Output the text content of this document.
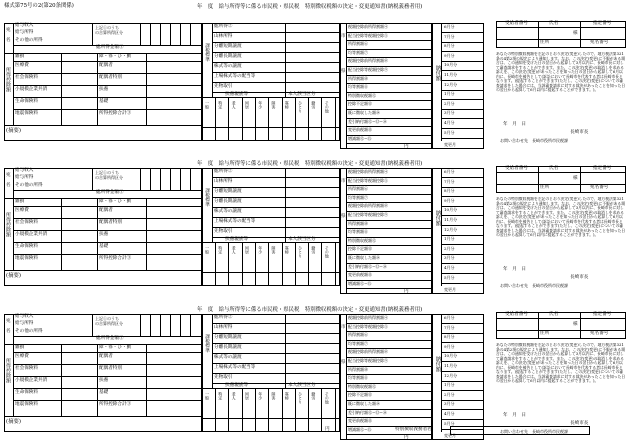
様式第75号の2(第20条関係)
円	特別徴収義務者名
年　度　給与所得等に係る市民税・県民税　特別徴収税額の決定・変更通知書(納税義務者用)
宛
名
給与収入
給与所得
その他の所得
総所得金額①
上記①のうち
の合算所得区分
所得控除額
雑損	障・寡・ひ・勤
医療費	配偶者
社会保険料	配偶者特別
小規模企業共済	扶養
生命保険料	基礎
地震保険料	所得控除合計③
(摘要)
課税標準
総所得②
山林所得
分離短期譲渡
分離長期譲渡
株式等の譲渡
上場株式等の配当等
先物取引
扶養親族等	本人該当区分
一般 特定 老人 同居 年少 障害 寡婦 ひとり 勤労 その他
市
県
税額控除前所得割額④
配当控除等税額控除⑤
所得割額⑥
均等割額⑦
税額控除前所得割額⑧
配当控除等税額控除⑨
所得割額⑩
均等割額⑪
特別徴収税額⑫
控除不足額⑬
既に徴収した額⑭
差引納付額⑫−⑬−⑭
変更前税額⑮
増減額⑫−⑮
円
納付額
6月分
7月分
8月分
9月分
10月分
11月分
12月分
1月分
2月分
3月分
4月分
5月分
変更月
受給者番号	氏名	指定番号
様
住所	宛名番号
あなたの特別徴収税額を左記のとおり決定(変更)したので、地方税法第321条の4第2項の規定により通知します。なお、この決定(変更)に不服がある場合は、この通知を受けた日の翌日から起算して3月以内に、長崎市長に対して審査請求をすることができます。また、この決定(変更)の取消しを求める訴えを、この決定(変更)があったことを知った日の翌日から起算して6月以内に、長崎市を被告として(訴訟において長崎市を代表する者は長崎市長となります。)提起することができます(ただし、この決定(変更)についての審査請求をした場合には、当該審査請求に対する裁決があったことを知った日の翌日から起算して6月以内に提起することができます。)。
年　月　日
長崎市長
お問い合わせ先　長崎市役所市民税課
年　度　給与所得等に係る市民税・県民税　特別徴収税額の決定・変更通知書(納税義務者用)
宛
名
給与収入
給与所得
その他の所得
総所得金額①
上記①のうち
の合算所得区分
所得控除額
雑損	障・寡・ひ・勤
医療費	配偶者
社会保険料	配偶者特別
小規模企業共済	扶養
生命保険料	基礎
地震保険料	所得控除合計③
(摘要)
課税標準
総所得②
山林所得
分離短期譲渡
分離長期譲渡
株式等の譲渡
上場株式等の配当等
先物取引
扶養親族等	本人該当区分
一般 特定 老人 同居 年少 障害 寡婦 ひとり 勤労 その他
市
県
税額控除前所得割額④
配当控除等税額控除⑤
所得割額⑥
均等割額⑦
税額控除前所得割額⑧
配当控除等税額控除⑨
所得割額⑩
均等割額⑪
特別徴収税額⑫
控除不足額⑬
既に徴収した額⑭
差引納付額⑫−⑬−⑭
変更前税額⑮
増減額⑫−⑮
円
納付額
6月分
7月分
8月分
9月分
10月分
11月分
12月分
1月分
2月分
3月分
4月分
5月分
変更月
受給者番号	氏名	指定番号
様
住所	宛名番号
あなたの特別徴収税額を左記のとおり決定(変更)したので、地方税法第321条の4第2項の規定により通知します。なお、この決定(変更)に不服がある場合は、この通知を受けた日の翌日から起算して3月以内に、長崎市長に対して審査請求をすることができます。また、この決定(変更)の取消しを求める訴えを、この決定(変更)があったことを知った日の翌日から起算して6月以内に、長崎市を被告として(訴訟において長崎市を代表する者は長崎市長となります。)提起することができます(ただし、この決定(変更)についての審査請求をした場合には、当該審査請求に対する裁決があったことを知った日の翌日から起算して6月以内に提起することができます。)。
年　月　日
長崎市長
お問い合わせ先　長崎市役所市民税課
年　度　給与所得等に係る市民税・県民税　特別徴収税額の決定・変更通知書(納税義務者用)
宛
名
給与収入
給与所得
その他の所得
総所得金額①
上記①のうち
の合算所得区分
所得控除額
雑損	障・寡・ひ・勤
医療費	配偶者
社会保険料	配偶者特別
小規模企業共済	扶養
生命保険料	基礎
地震保険料	所得控除合計③
(摘要)
課税標準
総所得②
山林所得
分離短期譲渡
分離長期譲渡
株式等の譲渡
上場株式等の配当等
先物取引
扶養親族等	本人該当区分
一般 特定 老人 同居 年少 障害 寡婦 ひとり 勤労 その他
市
県
税額控除前所得割額④
配当控除等税額控除⑤
所得割額⑥
均等割額⑦
税額控除前所得割額⑧
配当控除等税額控除⑨
所得割額⑩
均等割額⑪
特別徴収税額⑫
控除不足額⑬
既に徴収した額⑭
差引納付額⑫−⑬−⑭
変更前税額⑮
増減額⑫−⑮
円
納付額
6月分
7月分
8月分
9月分
10月分
11月分
12月分
1月分
2月分
3月分
4月分
5月分
変更月
受給者番号	氏名	指定番号
様
住所	宛名番号
あなたの特別徴収税額を左記のとおり決定(変更)したので、地方税法第321条の4第2項の規定により通知します。なお、この決定(変更)に不服がある場合は、この通知を受けた日の翌日から起算して3月以内に、長崎市長に対して審査請求をすることができます。また、この決定(変更)の取消しを求める訴えを、この決定(変更)があったことを知った日の翌日から起算して6月以内に、長崎市を被告として(訴訟において長崎市を代表する者は長崎市長となります。)提起することができます(ただし、この決定(変更)についての審査請求をした場合には、当該審査請求に対する裁決があったことを知った日の翌日から起算して6月以内に提起することができます。)。
年　月　日
長崎市長
お問い合わせ先　長崎市役所市民税課
